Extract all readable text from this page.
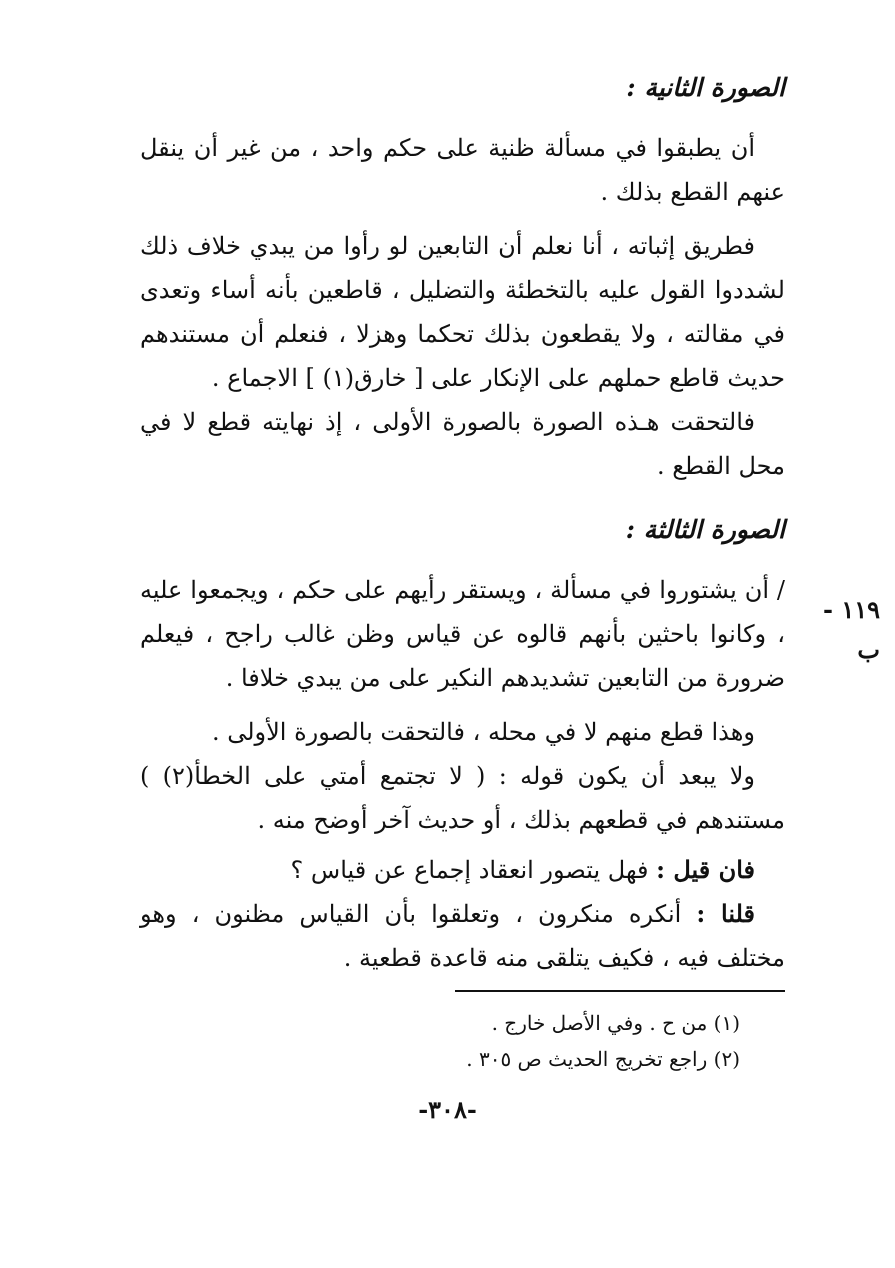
الصورة الثانية :

أن يطبقوا في مسألة ظنية على حكم واحد ، من غير أن ينقل عنهم القطع بذلك .

فطريق إثباته ، أنا نعلم أن التابعين لو رأوا من يبدي خلاف ذلك لشددوا القول عليه بالتخطئة والتضليل ، قاطعين بأنه أساء وتعدى في مقالته ، ولا يقطعون بذلك تحكما وهزلا ، فنعلم أن مستندهم حديث قاطع حملهم على الإنكار على [ خارق(١) ] الاجماع .

فالتحقت هـذه الصورة بالصورة الأولى ، إذ نهايته قطع لا في محل القطع .

الصورة الثالثة :
١١٩ - ب

/ أن يشتوروا في مسألة ، ويستقر رأيهم على حكم ، ويجمعوا عليه ، وكانوا باحثين بأنهم قالوه عن قياس وظن غالب راجح ، فيعلم ضرورة من التابعين تشديدهم النكير على من يبدي خلافا .

وهذا قطع منهم لا في محله ، فالتحقت بالصورة الأولى .

ولا يبعد أن يكون قوله : ( لا تجتمع أمتي على الخطأ(٢) ) مستندهم في قطعهم بذلك ، أو حديث آخر أوضح منه .

فان قيل : فهل يتصور انعقاد إجماع عن قياس ؟

قلنا : أنكره منكرون ، وتعلقوا بأن القياس مظنون ، وهو مختلف فيه ، فكيف يتلقى منه قاعدة قطعية .

(١) من ح . وفي الأصل خارج .

(٢) راجع تخريج الحديث ص ٣٠٥ .

-٣٠٨-
